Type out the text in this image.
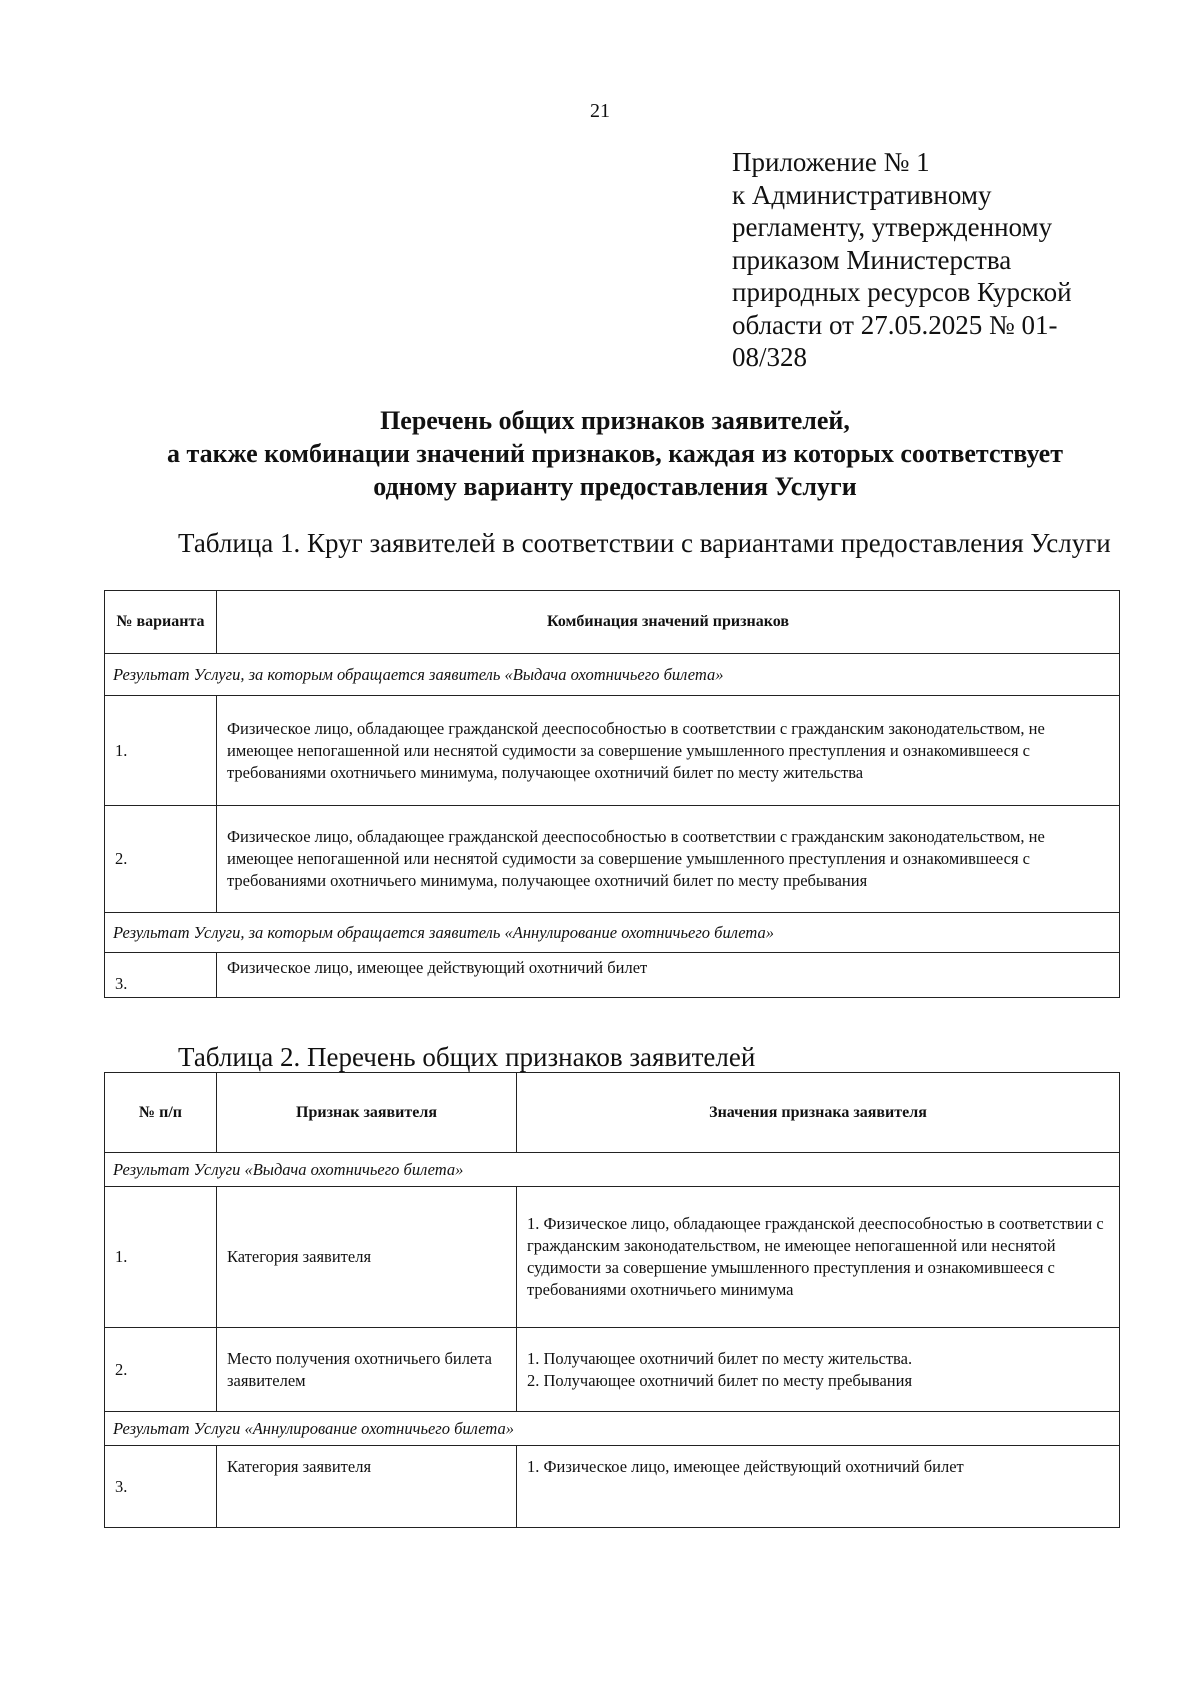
21
Приложение № 1
к Административному
регламенту, утвержденному
приказом Министерства
природных ресурсов Курской
области от 27.05.2025 № 01-
08/328
Перечень общих признаков заявителей,
а также комбинации значений признаков, каждая из которых соответствует
одному варианту предоставления Услуги
Таблица 1. Круг заявителей в соответствии с вариантами предоставления Услуги
№ варианта	Комбинация значений признаков
Результат Услуги, за которым обращается заявитель «Выдача охотничьего билета»	
1.	Физическое лицо, обладающее гражданской дееспособностью в соответствии с гражданским законодательством, не имеющее непогашенной или неснятой судимости за совершение умышленного преступления и ознакомившееся с требованиями охотничьего минимума, получающее охотничий билет по месту жительства
2.	Физическое лицо, обладающее гражданской дееспособностью в соответствии с гражданским законодательством, не имеющее непогашенной или неснятой судимости за совершение умышленного преступления и ознакомившееся с требованиями охотничьего минимума, получающее охотничий билет по месту пребывания
Результат Услуги, за которым обращается заявитель «Аннулирование охотничьего билета»	
3.	Физическое лицо, имеющее действующий охотничий билет
Таблица 2. Перечень общих признаков заявителей
№ п/п	Признак заявителя	Значения признака заявителя
Результат Услуги «Выдача охотничьего билета»		
1.	Категория заявителя	1. Физическое лицо, обладающее гражданской дееспособностью в соответствии с гражданским законодательством, не имеющее непогашенной или неснятой судимости за совершение умышленного преступления и ознакомившееся с требованиями охотничьего минимума
2.	Место получения охотничьего билета заявителем	1. Получающее охотничий билет по месту жительства.
2. Получающее охотничий билет по месту пребывания

Результат Услуги «Аннулирование охотничьего билета»		
3.	Категория заявителя	1. Физическое лицо, имеющее действующий охотничий билет
